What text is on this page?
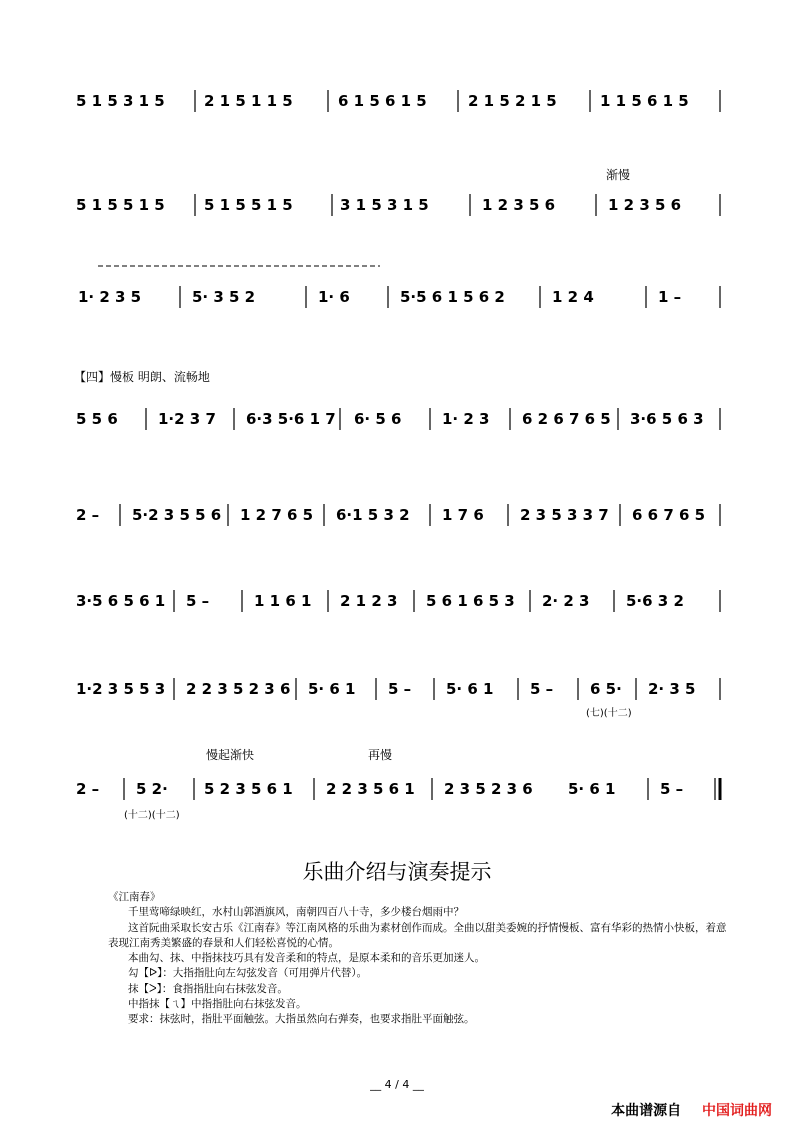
5 1 5 3 1 5	2 1 5 1 1 5	6 1 5 6 1 5	2 1 5 2 1 5	1 1 5 6 1 5
5 1 5 5 1 5	5 1 5 5 1 5	3 1 5 3 1 5	1 2 3 5 6	1 2 3 5 6
渐慢
1· 2 3 5	5· 3 5 2	1· 6	5·5 6 1 5 6 2	1 2 4	1 –
【四】慢板 明朗、流畅地
5 5 6	1·2 3 7 6·3 5·6 1 7 6· 5 6	1· 2 3 6 2 6 7 6 5 3·6 5 6 3
2 – 5·2 3 5 5 6 1 2 7 6 5 6·1 5 3 2 1 7 6 2 3 5 3 3 7 6 6 7 6 5
3·5 6 5 6 1 5 –	1 1 6 1 2 1 2 3 5 6 1 6 5 3 2· 2 3 5·6 3 2
1·2 3 5 5 3 2 2 3 5 2 3 6 5· 6 1 5 – 5· 6 1 5 – 6 5· 2· 3 5
(七)(十二)
慢起渐快	再慢
2 – 5 2· 5 2 3 5 6 1 2 2 3 5 6 1 2 3 5 2 3 6 5· 6 1	5 –
(十二)(十二)
乐曲介绍与演奏提示

《江南春》

千里莺啼绿映红，水村山郭酒旗风，南朝四百八十寺，多少楼台烟雨中？

这首阮曲采取长安古乐《江南春》等江南风格的乐曲为素材创作而成。全曲以甜美委婉的抒情慢板、富有华彩的热情小快板，着意表现江南秀美繁盛的春景和人们轻松喜悦的心情。

本曲勾、抹、中指抹技巧具有发音柔和的特点，是原本柔和的音乐更加迷人。

勾【ᐅ】：大指指肚向左勾弦发音（可用弹片代替）。

抹【ᐳ】：食指指肚向右抹弦发音。

中指抹【ㄟ】中指指肚向右抹弦发音。

要求：抹弦时，指肚平面触弦。大指虽然向右弹奏，也要求指肚平面触弦。

__ 4 / 4 __
本曲谱源自 中国词曲网
